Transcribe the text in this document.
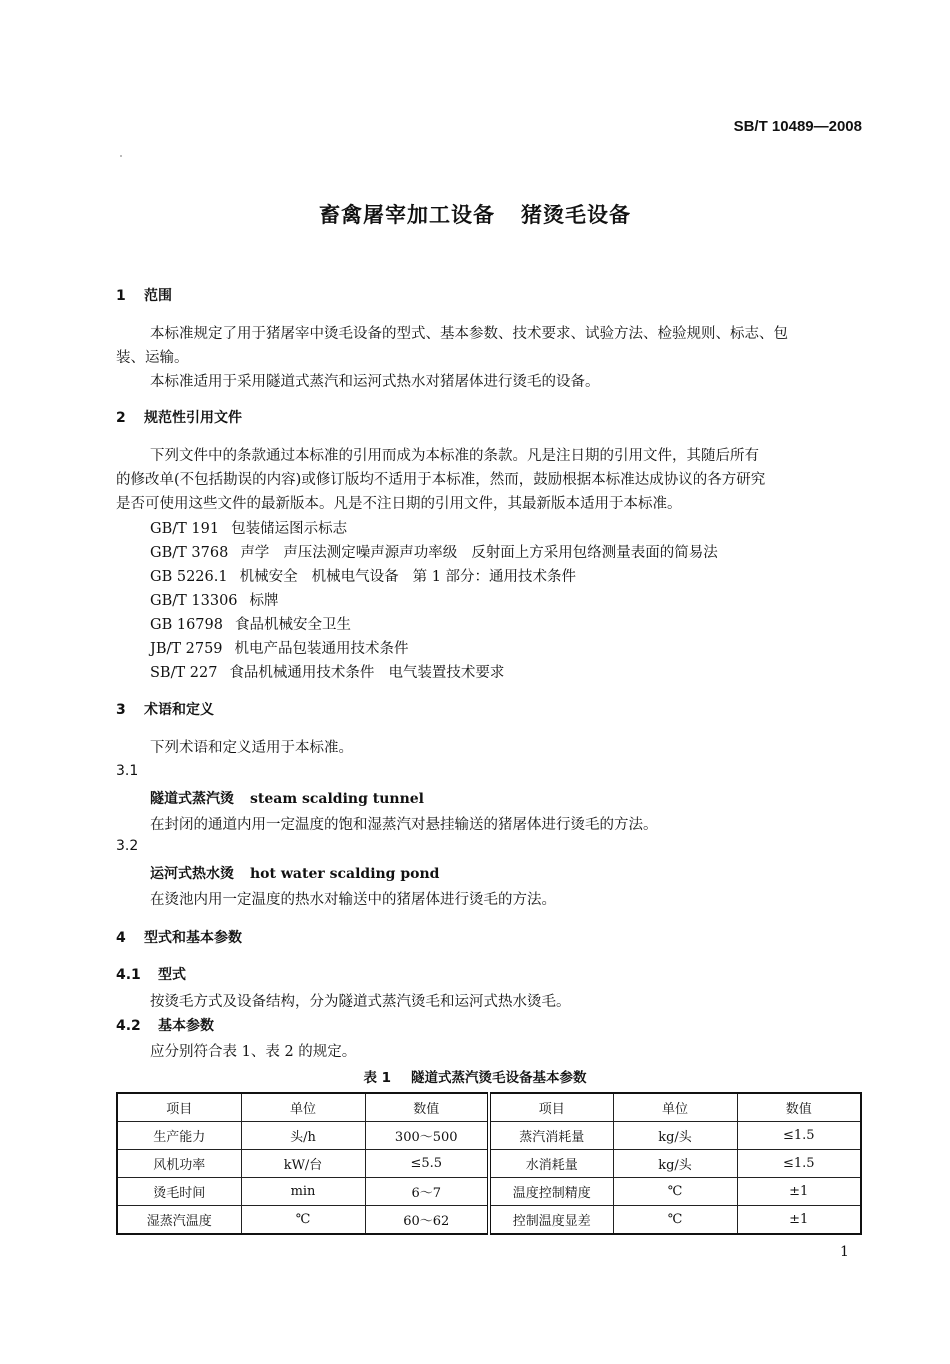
SB/T 10489—2008
畜禽屠宰加工设备 猪烫毛设备
1 范围
本标准规定了用于猪屠宰中烫毛设备的型式、基本参数、技术要求、试验方法、检验规则、标志、包
装、运输。
本标准适用于采用隧道式蒸汽和运河式热水对猪屠体进行烫毛的设备。
2 规范性引用文件
下列文件中的条款通过本标准的引用而成为本标准的条款。凡是注日期的引用文件，其随后所有
的修改单(不包括勘误的内容)或修订版均不适用于本标准，然而，鼓励根据本标准达成协议的各方研究
是否可使用这些文件的最新版本。凡是不注日期的引用文件，其最新版本适用于本标准。
GB/T 191 包装储运图示标志
GB/T 3768 声学 声压法测定噪声源声功率级 反射面上方采用包络测量表面的简易法
GB 5226.1 机械安全 机械电气设备 第 1 部分：通用技术条件
GB/T 13306 标牌
GB 16798 食品机械安全卫生
JB/T 2759 机电产品包装通用技术条件
SB/T 227 食品机械通用技术条件 电气装置技术要求
3 术语和定义
下列术语和定义适用于本标准。
3.1
隧道式蒸汽烫 steam scalding tunnel
在封闭的通道内用一定温度的饱和湿蒸汽对悬挂输送的猪屠体进行烫毛的方法。
3.2
运河式热水烫 hot water scalding pond
在烫池内用一定温度的热水对输送中的猪屠体进行烫毛的方法。
4 型式和基本参数
4.1 型式
按烫毛方式及设备结构，分为隧道式蒸汽烫毛和运河式热水烫毛。
4.2 基本参数
应分别符合表 1、表 2 的规定。
表 1 隧道式蒸汽烫毛设备基本参数
项目	单位	数值	项目	单位	数值
生产能力	头/h	300～500	蒸汽消耗量	kg/头	≤1.5
风机功率	kW/台	≤5.5	水消耗量	kg/头	≤1.5
烫毛时间	min	6～7	温度控制精度	℃	±1
湿蒸汽温度	℃	60～62	控制温度显差	℃	±1
1
